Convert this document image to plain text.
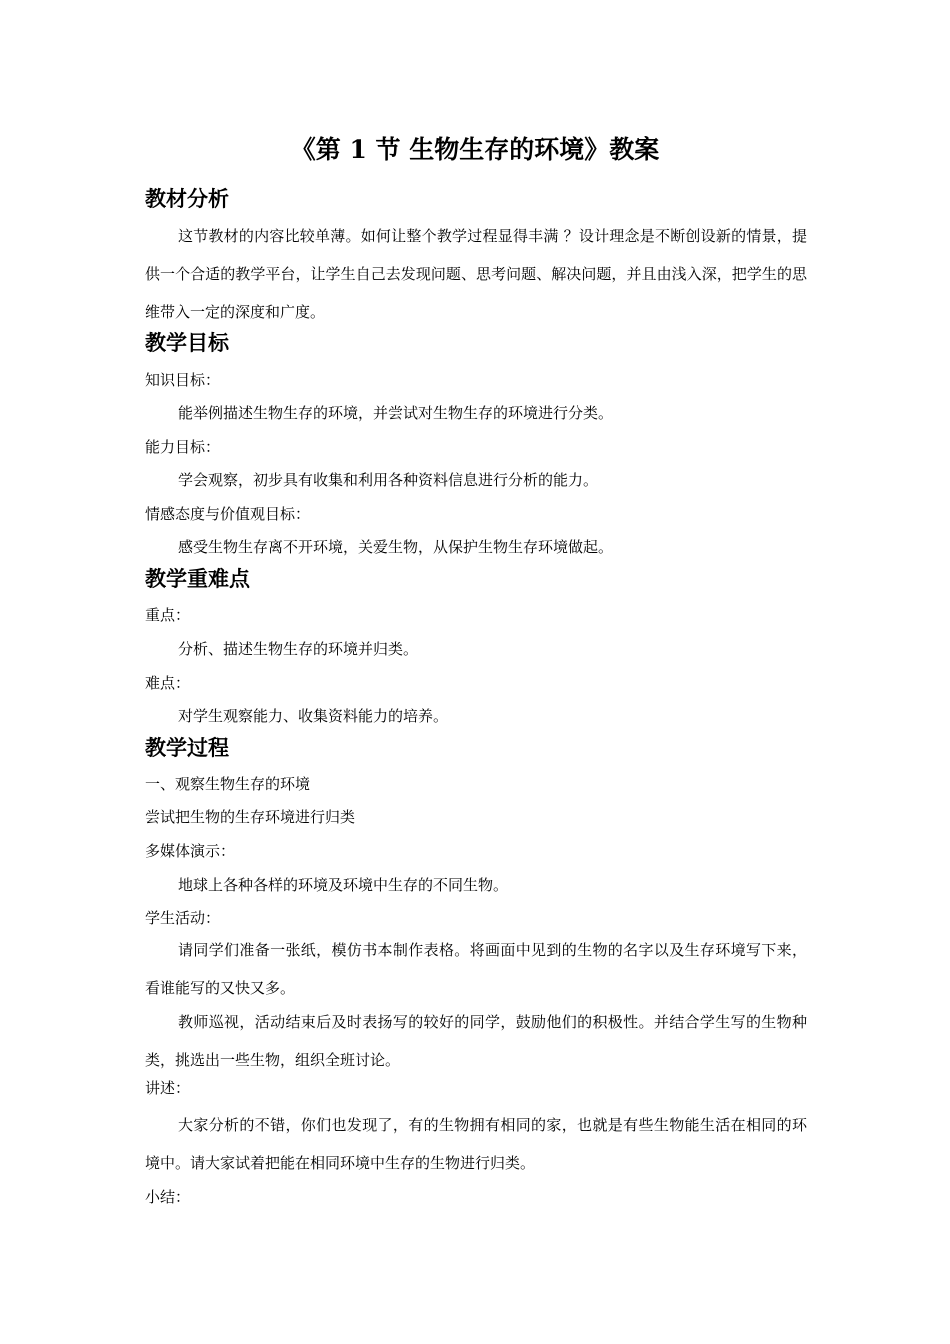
《第 1 节 生物生存的环境》教案
教材分析

这节教材的内容比较单薄。如何让整个教学过程显得丰满 ？设计理念是不断创设新的情景，提供一个合适的教学平台，让学生自己去发现问题、思考问题、解决问题，并且由浅入深，把学生的思维带入一定的深度和广度。

教学目标

知识目标：

能举例描述生物生存的环境，并尝试对生物生存的环境进行分类。

能力目标：

学会观察，初步具有收集和利用各种资料信息进行分析的能力。

情感态度与价值观目标：

感受生物生存离不开环境，关爱生物，从保护生物生存环境做起。

教学重难点

重点：

分析、描述生物生存的环境并归类。

难点：

对学生观察能力、收集资料能力的培养。

教学过程

一、观察生物生存的环境

尝试把生物的生存环境进行归类

多媒体演示：

地球上各种各样的环境及环境中生存的不同生物。

学生活动：

请同学们准备一张纸，模仿书本制作表格。将画面中见到的生物的名字以及生存环境写下来，看谁能写的又快又多。

教师巡视，活动结束后及时表扬写的较好的同学，鼓励他们的积极性。并结合学生写的生物种类，挑选出一些生物，组织全班讨论。

讲述：

大家分析的不错，你们也发现了，有的生物拥有相同的家，也就是有些生物能生活在相同的环境中。请大家试着把能在相同环境中生存的生物进行归类。

小结：
